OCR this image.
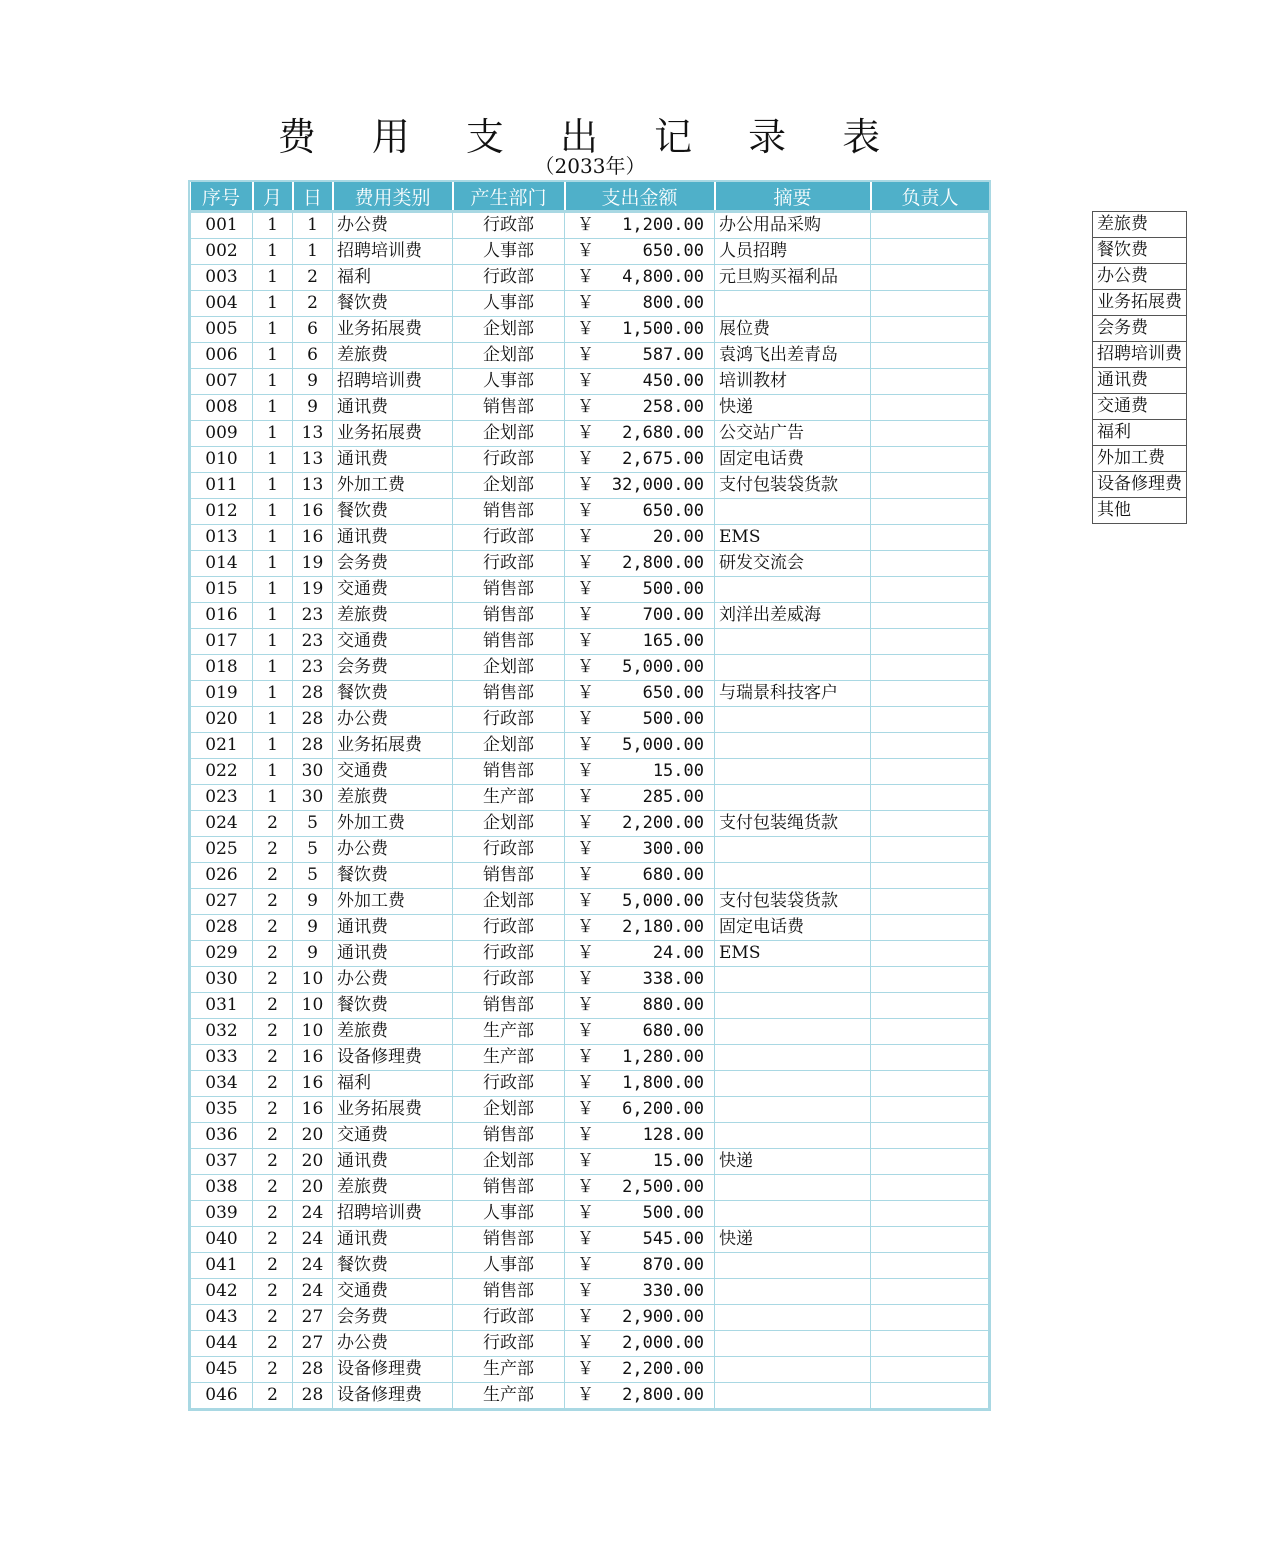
费 用 支 出 记 录 表
（2033年）
序号	月	日	费用类别	产生部门	支出金额	摘要	负责人
001	1	1	办公费	行政部	￥ 1,200.00	办公用品采购	
002	1	1	招聘培训费	人事部	￥ 650.00	人员招聘	
003	1	2	福利	行政部	￥ 4,800.00	元旦购买福利品	
004	1	2	餐饮费	人事部	￥ 800.00		

005	1	6	业务拓展费	企划部	￥ 1,500.00	展位费	
006	1	6	差旅费	企划部	￥ 587.00	袁鸿飞出差青岛	
007	1	9	招聘培训费	人事部	￥ 450.00	培训教材	
008	1	9	通讯费	销售部	￥ 258.00	快递	
009	1	13	业务拓展费	企划部	￥ 2,680.00	公交站广告	
010	1	13	通讯费	行政部	￥ 2,675.00	固定电话费	
011	1	13	外加工费	企划部	￥ 32,000.00	支付包装袋货款	
012	1	16	餐饮费	销售部	￥ 650.00		

013	1	16	通讯费	行政部	￥ 20.00	EMS	
014	1	19	会务费	行政部	￥ 2,800.00	研发交流会	
015	1	19	交通费	销售部	￥ 500.00		

016	1	23	差旅费	销售部	￥ 700.00	刘洋出差威海	
017	1	23	交通费	销售部	￥ 165.00		

018	1	23	会务费	企划部	￥ 5,000.00		

019	1	28	餐饮费	销售部	￥ 650.00	与瑞景科技客户	
020	1	28	办公费	行政部	￥ 500.00		

021	1	28	业务拓展费	企划部	￥ 5,000.00		

022	1	30	交通费	销售部	￥ 15.00		

023	1	30	差旅费	生产部	￥ 285.00		

024	2	5	外加工费	企划部	￥ 2,200.00	支付包装绳货款	
025	2	5	办公费	行政部	￥ 300.00		

026	2	5	餐饮费	销售部	￥ 680.00		

027	2	9	外加工费	企划部	￥ 5,000.00	支付包装袋货款	
028	2	9	通讯费	行政部	￥ 2,180.00	固定电话费	
029	2	9	通讯费	行政部	￥ 24.00	EMS	
030	2	10	办公费	行政部	￥ 338.00		

031	2	10	餐饮费	销售部	￥ 880.00		

032	2	10	差旅费	生产部	￥ 680.00		

033	2	16	设备修理费	生产部	￥ 1,280.00		

034	2	16	福利	行政部	￥ 1,800.00		

035	2	16	业务拓展费	企划部	￥ 6,200.00		

036	2	20	交通费	销售部	￥ 128.00		

037	2	20	通讯费	企划部	￥ 15.00	快递	
038	2	20	差旅费	销售部	￥ 2,500.00		

039	2	24	招聘培训费	人事部	￥ 500.00		

040	2	24	通讯费	销售部	￥ 545.00	快递	
041	2	24	餐饮费	人事部	￥ 870.00		

042	2	24	交通费	销售部	￥ 330.00		

043	2	27	会务费	行政部	￥ 2,900.00		

044	2	27	办公费	行政部	￥ 2,000.00		

045	2	28	设备修理费	生产部	￥ 2,200.00		

046	2	28	设备修理费	生产部	￥ 2,800.00		

差旅费
餐饮费
办公费
业务拓展费
会务费
招聘培训费
通讯费
交通费
福利
外加工费
设备修理费
其他
